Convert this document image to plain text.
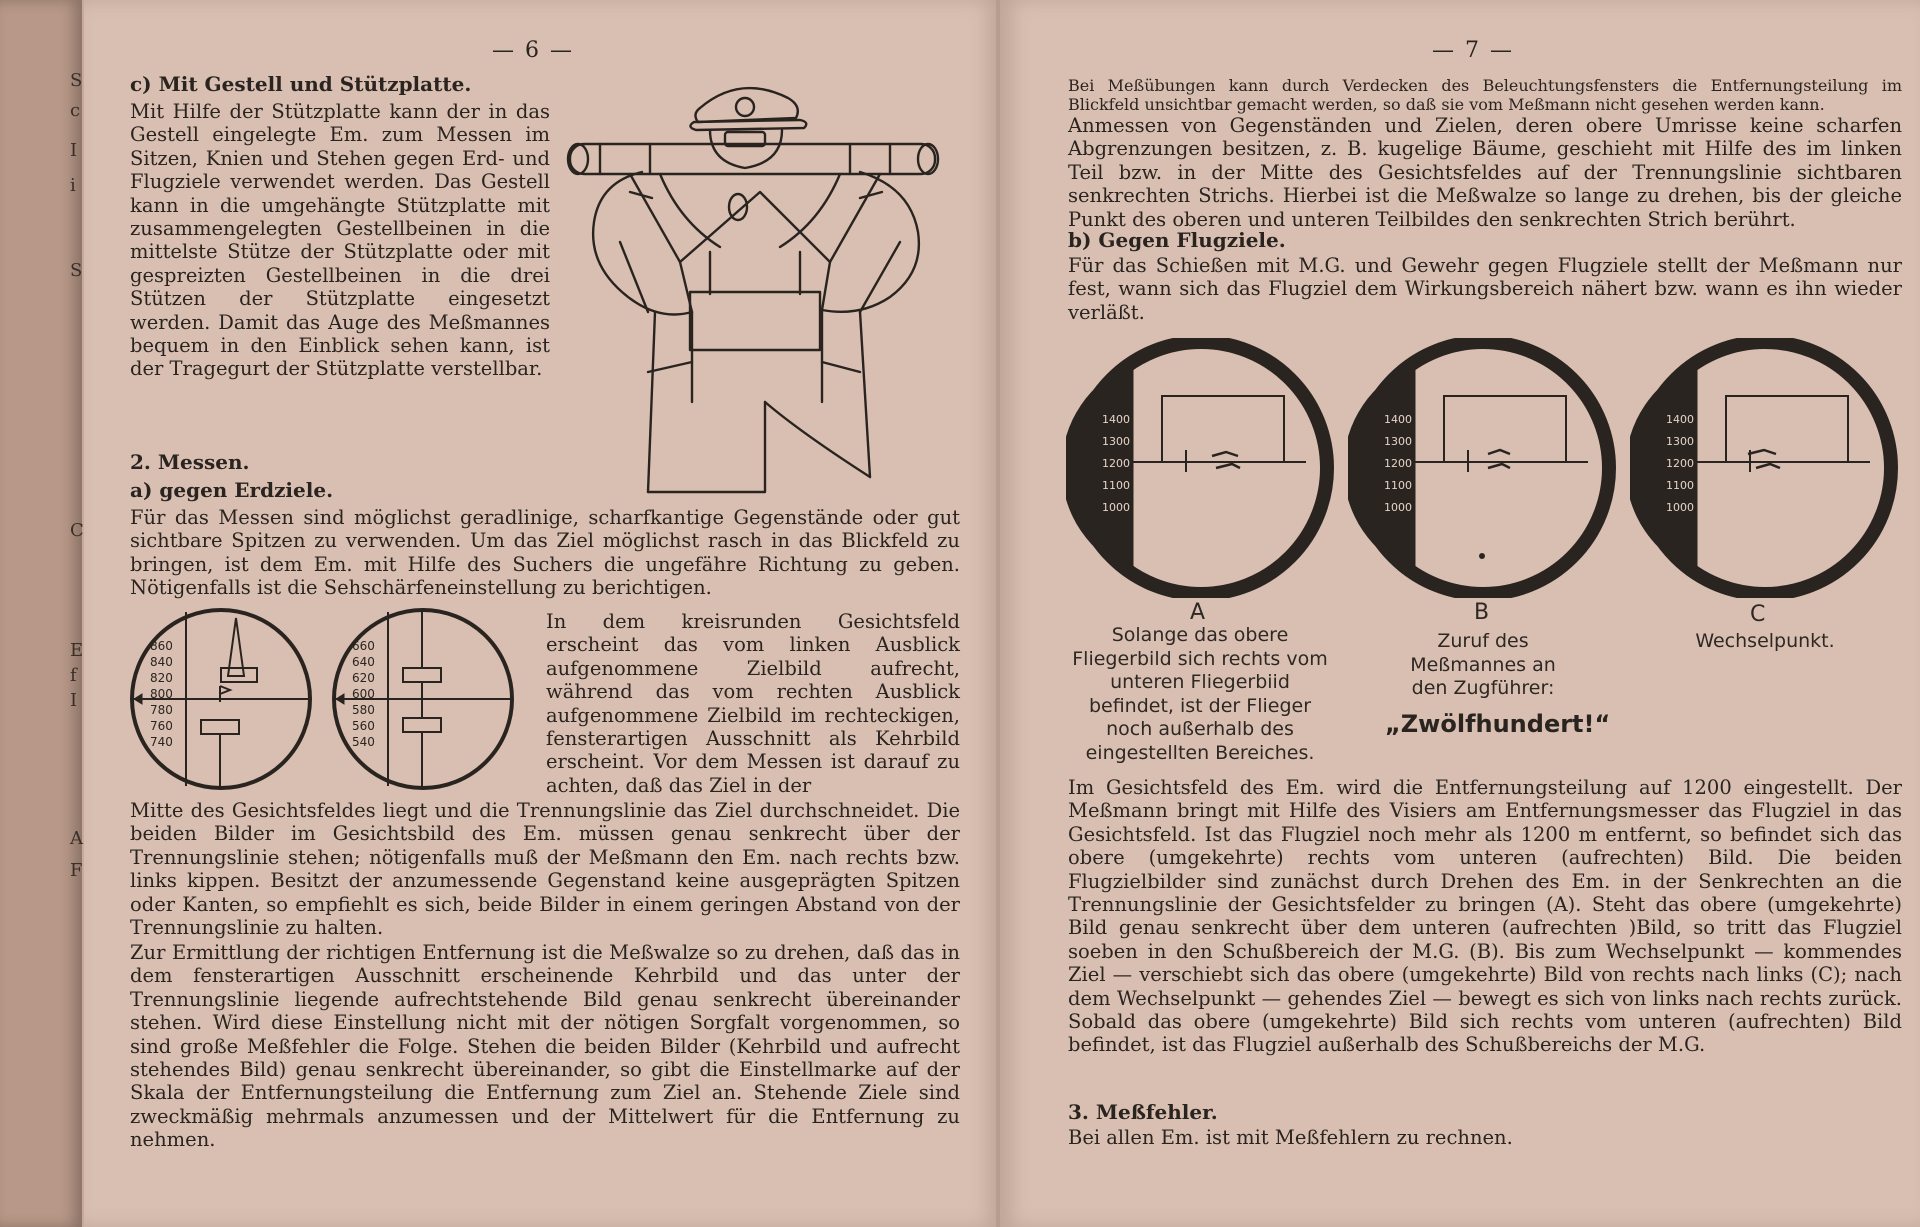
S
c
I
i
S
C
E
f
I
A
F
— 6 —
c) Mit Gestell und Stützplatte.
Mit Hilfe der Stützplatte kann der in das Gestell eingelegte Em. zum Messen im Sitzen, Knien und Stehen gegen Erd- und Flugziele verwendet werden. Das Gestell kann in die umgehängte Stützplatte mit zusammengelegten Gestellbeinen in die mittelste Stütze der Stützplatte oder mit gespreizten Gestellbeinen in die drei Stützen der Stützplatte eingesetzt werden. Damit das Auge des Meßmannes bequem in den Einblick sehen kann, ist der Tragegurt der Stützplatte verstellbar.
2. Messen.
a) gegen Erdziele.
Für das Messen sind möglichst geradlinige, scharfkantige Gegenstände oder gut sichtbare Spitzen zu verwenden. Um das Ziel möglichst rasch in das Blickfeld zu bringen, ist dem Em. mit Hilfe des Suchers die ungefähre Richtung zu geben. Nötigenfalls ist die Sehschärfeneinstellung zu berichtigen.
860
840
820
800
780
760
740
660
640
620
600
580
560
540
In dem kreisrunden Gesichtsfeld erscheint das vom linken Ausblick aufgenommene Zielbild aufrecht, während das vom rechten Ausblick aufgenommene Zielbild im rechteckigen, fensterartigen Ausschnitt als Kehrbild erscheint. Vor dem Messen ist darauf zu achten, daß das Ziel in der
Mitte des Gesichtsfeldes liegt und die Trennungslinie das Ziel durchschneidet. Die beiden Bilder im Gesichtsbild des Em. müssen genau senkrecht über der Trennungslinie stehen; nötigenfalls muß der Meßmann den Em. nach rechts bzw. links kippen. Besitzt der anzumessende Gegenstand keine ausgeprägten Spitzen oder Kanten, so empfiehlt es sich, beide Bilder in einem geringen Abstand von der Trennungslinie zu halten.
Zur Ermittlung der richtigen Entfernung ist die Meßwalze so zu drehen, daß das in dem fensterartigen Ausschnitt erscheinende Kehrbild und das unter der Trennungslinie liegende aufrechtstehende Bild genau senkrecht übereinander stehen. Wird diese Einstellung nicht mit der nötigen Sorgfalt vorgenommen, so sind große Meßfehler die Folge. Stehen die beiden Bilder (Kehrbild und aufrecht stehendes Bild) genau senkrecht übereinander, so gibt die Einstellmarke auf der Skala der Entfernungsteilung die Entfernung zum Ziel an. Stehende Ziele sind zweckmäßig mehrmals anzumessen und der Mittelwert für die Entfernung zu nehmen.
— 7 —
Bei Meßübungen kann durch Verdecken des Beleuchtungsfensters die Entfernungsteilung im Blickfeld unsichtbar gemacht werden, so daß sie vom Meßmann nicht gesehen werden kann.
Anmessen von Gegenständen und Zielen, deren obere Umrisse keine scharfen Abgrenzungen besitzen, z. B. kugelige Bäume, geschieht mit Hilfe des im linken Teil bzw. in der Mitte des Gesichtsfeldes auf der Trennungslinie sichtbaren senkrechten Strichs. Hierbei ist die Meßwalze so lange zu drehen, bis der gleiche Punkt des oberen und unteren Teilbildes den senkrechten Strich berührt.
b) Gegen Flugziele.
Für das Schießen mit M.G. und Gewehr gegen Flugziele stellt der Meßmann nur fest, wann sich das Flugziel dem Wirkungsbereich nähert bzw. wann es ihn wieder verläßt.
1400
1300
1200
1100
1000
1400
1300
1200
1100
1000
1400
1300
1200
1100
1000
A
Solange das obere Fliegerbild sich rechts vom unteren Fliegerbiid befindet, ist der Flieger noch außerhalb des eingestellten Bereiches.
B
Zuruf des Meßmannes an den Zugführer:
„Zwölfhundert!“
C
Wechselpunkt.
Im Gesichtsfeld des Em. wird die Entfernungsteilung auf 1200 eingestellt. Der Meßmann bringt mit Hilfe des Visiers am Entfernungsmesser das Flugziel in das Gesichtsfeld. Ist das Flugziel noch mehr als 1200 m entfernt, so befindet sich das obere (umgekehrte) rechts vom unteren (aufrechten) Bild. Die beiden Flugzielbilder sind zunächst durch Drehen des Em. in der Senkrechten an die Trennungslinie der Gesichtsfelder zu bringen (A). Steht das obere (umgekehrte) Bild genau senkrecht über dem unteren (aufrechten )Bild, so tritt das Flugziel soeben in den Schußbereich der M.G. (B). Bis zum Wechselpunkt — kommendes Ziel — verschiebt sich das obere (umgekehrte) Bild von rechts nach links (C); nach dem Wechselpunkt — gehendes Ziel — bewegt es sich von links nach rechts zurück. Sobald das obere (umgekehrte) Bild sich rechts vom unteren (aufrechten) Bild befindet, ist das Flugziel außerhalb des Schußbereichs der M.G.
3. Meßfehler.
Bei allen Em. ist mit Meßfehlern zu rechnen.
